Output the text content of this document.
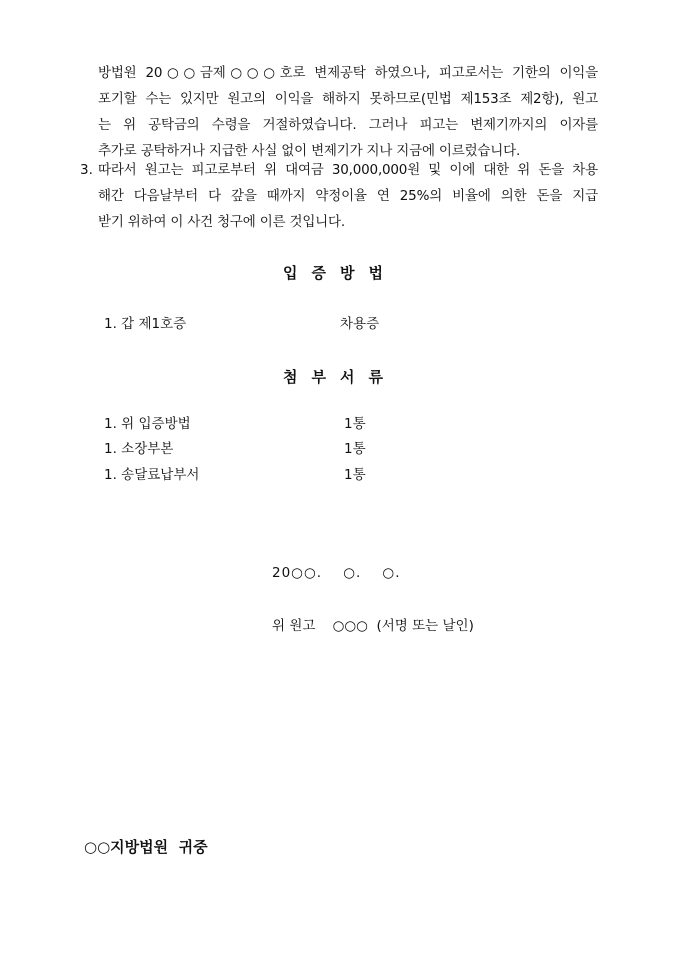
방법원 20○○금제○○○호로 변제공탁 하였으나, 피고로서는 기한의 이익을
포기할 수는 있지만 원고의 이익을 해하지 못하므로(민법 제153조 제2항), 원고
는 위 공탁금의 수령을 거절하였습니다. 그러나 피고는 변제기까지의 이자를
추가로 공탁하거나 지급한 사실 없이 변제기가 지나 지금에 이르렀습니다.
3. 따라서 원고는 피고로부터 위 대여금 30,000,000원 및 이에 대한 위 돈을 차용
해간 다음날부터 다 갚을 때까지 약정이율 연 25%의 비율에 의한 돈을 지급
받기 위하여 이 사건 청구에 이른 것입니다.
입증방법
1. 갑 제1호증	차용증
첨부서류
1. 위 입증방법	1통
1. 소장부본	1통
1. 송달료납부서	1통
20○○.    ○.    ○.
위 원고    ○○○  (서명 또는 날인)
○○지방법원  귀중
